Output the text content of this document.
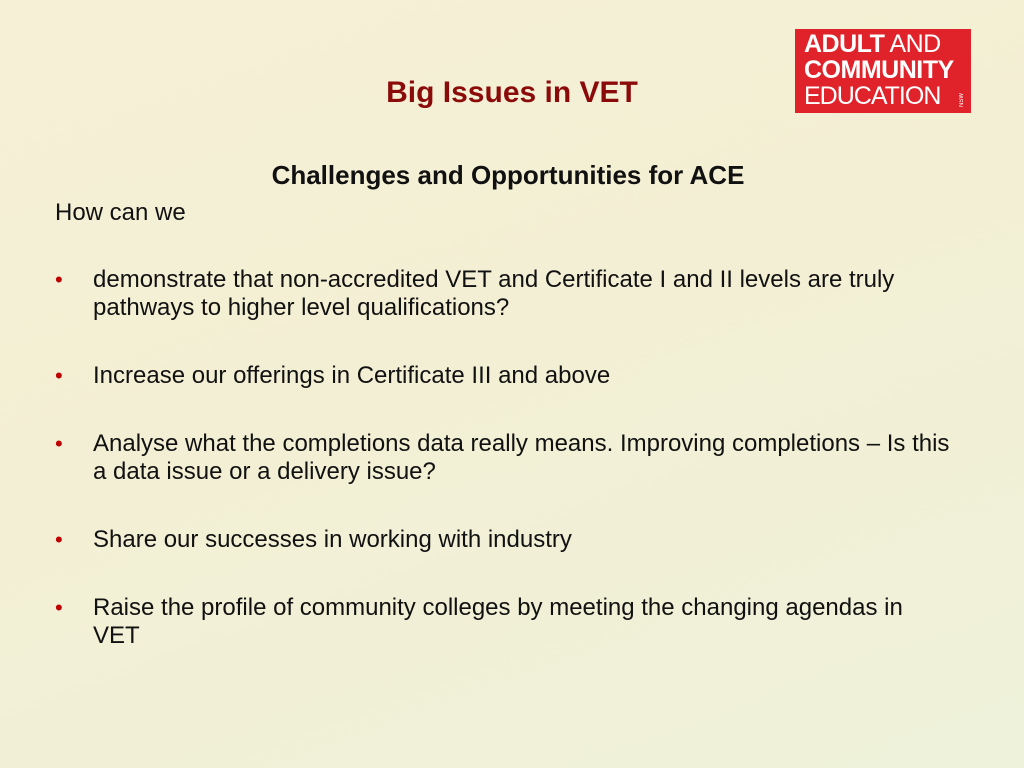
ADULT AND
COMMUNITY
EDUCATION	NSW
Big Issues in VET
Challenges and Opportunities for ACE

How can we

• demonstrate that non-accredited VET and Certificate I and II levels are truly pathways to higher level qualifications?
• Increase our offerings in Certificate III and above
• Analyse what the completions data really means. Improving completions – Is this a data issue or a delivery issue?
• Share our successes in working with industry
• Raise the profile of community colleges by meeting the changing agendas in VET
